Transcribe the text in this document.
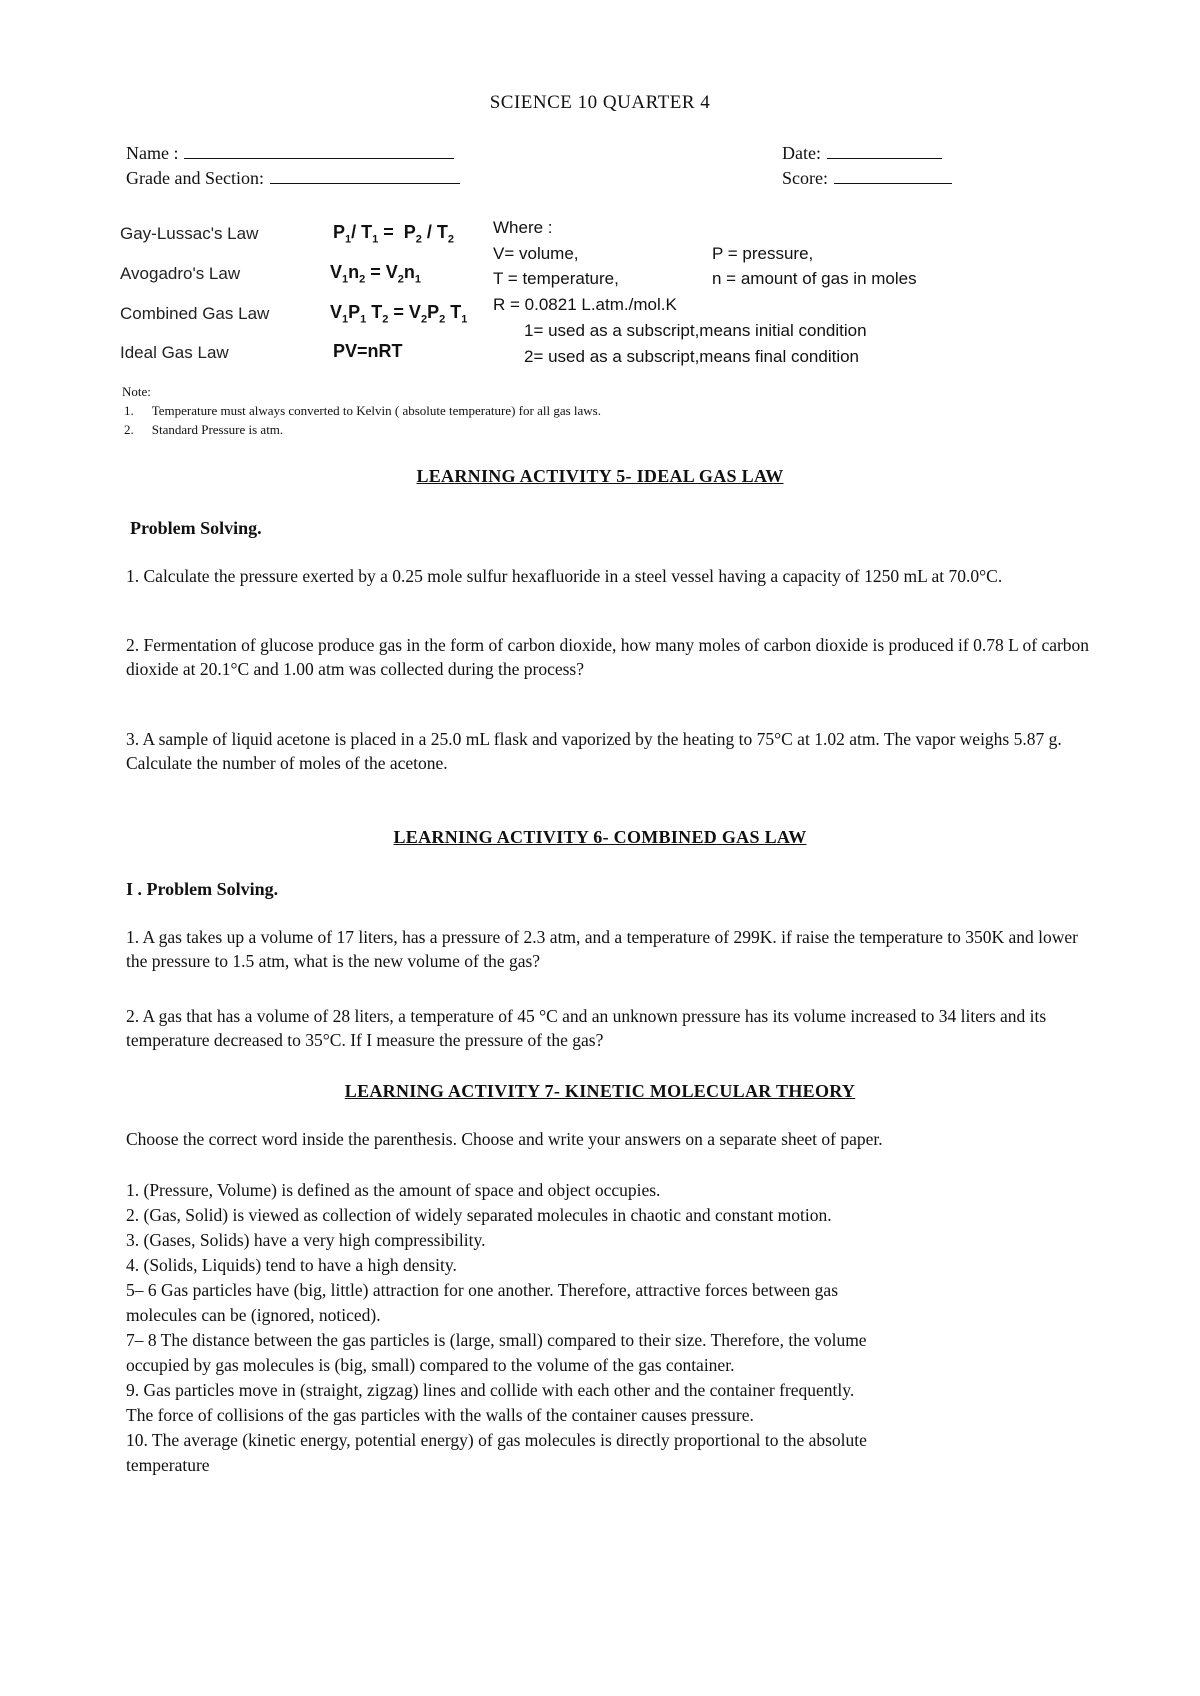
SCIENCE 10 QUARTER 4
Name :
Grade and Section:
Date:
Score:
Gay-Lussac's Law
Avogadro's Law
Combined Gas Law
Ideal Gas Law
$P_1/$ $T_1 = P_2 / T_2$
$V_1n_2 = V_2n_1$
$V_1P_1$ $T_2 = V_2P_2$ $T_1$
PV=nRT
Where :
V= volume,	P = pressure,
T = temperature,	n = amount of gas in moles
R = 0.0821 L.atm./mol.K
1= used as a subscript,means initial condition
2= used as a subscript,means final condition
Note:
1. Temperature must always converted to Kelvin ( absolute temperature) for all gas laws.
2. Standard Pressure is atm.
LEARNING ACTIVITY 5- IDEAL GAS LAW
Problem Solving.
1. Calculate the pressure exerted by a 0.25 mole sulfur hexafluoride in a steel vessel having a capacity of 1250 mL at 70.0°C.
2. Fermentation of glucose produce gas in the form of carbon dioxide, how many moles of carbon dioxide is produced if 0.78 L of carbon dioxide at 20.1°C and 1.00 atm was collected during the process?
3. A sample of liquid acetone is placed in a 25.0 mL flask and vaporized by the heating to 75°C at 1.02 atm. The vapor weighs 5.87 g. Calculate the number of moles of the acetone.
LEARNING ACTIVITY 6- COMBINED GAS LAW
I . Problem Solving.
1. A gas takes up a volume of 17 liters, has a pressure of 2.3 atm, and a temperature of 299K. if raise the temperature to 350K and lower the pressure to 1.5 atm, what is the new volume of the gas?
2. A gas that has a volume of 28 liters, a temperature of 45 °C and an unknown pressure has its volume increased to 34 liters and its temperature decreased to 35°C. If I measure the pressure of the gas?
LEARNING ACTIVITY 7- KINETIC MOLECULAR THEORY
Choose the correct word inside the parenthesis. Choose and write your answers on a separate sheet of paper.
1. (Pressure, Volume) is defined as the amount of space and object occupies.
2. (Gas, Solid) is viewed as collection of widely separated molecules in chaotic and constant motion.
3. (Gases, Solids) have a very high compressibility.
4. (Solids, Liquids) tend to have a high density.
5– 6 Gas particles have (big, little) attraction for one another. Therefore, attractive forces between gas
molecules can be (ignored, noticed).
7– 8 The distance between the gas particles is (large, small) compared to their size. Therefore, the volume
occupied by gas molecules is (big, small) compared to the volume of the gas container.
9. Gas particles move in (straight, zigzag) lines and collide with each other and the container frequently.
The force of collisions of the gas particles with the walls of the container causes pressure.
10. The average (kinetic energy, potential energy) of gas molecules is directly proportional to the absolute
temperature
